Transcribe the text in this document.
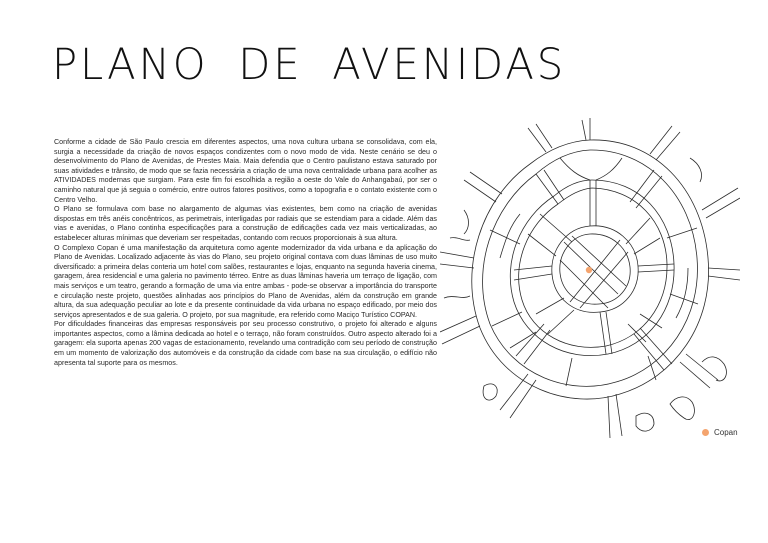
PLANO DE AVENIDAS

Conforme a cidade de São Paulo crescia em diferentes aspectos, uma nova cultura urbana se consolidava, com ela, surgia a necessidade da criação de novos espaços condizentes com o novo modo de vida. Neste cenário se deu o desenvolvimento do Plano de Avenidas, de Prestes Maia. Maia defendia que o Centro paulistano estava saturado por suas atividades e trânsito, de modo que se fazia necessária a criação de uma nova centralidade urbana para acolher as ATIVIDADES modernas que surgiam. Para este fim foi escolhida a região a oeste do Vale do Anhangabaú, por ser o caminho natural que já seguia o comércio, entre outros fatores positivos, como a topografia e o contato existente com o Centro Velho.

O Plano se formulava com base no alargamento de algumas vias existentes, bem como na criação de avenidas dispostas em três anéis concêntricos, as perimetrais, interligadas por radiais que se estendiam para a cidade. Além das vias e avenidas, o Plano continha especificações para a construção de edificações cada vez mais verticalizadas, ao estabelecer alturas mínimas que deveriam ser respeitadas, contando com recuos proporcionais à sua altura.

O Complexo Copan é uma manifestação da arquitetura como agente modernizador da vida urbana e da aplicação do Plano de Avenidas. Localizado adjacente às vias do Plano, seu projeto original contava com duas lâminas de uso muito diversificado: a primeira delas conteria um hotel com salões, restaurantes e lojas, enquanto na segunda haveria cinema, garagem, área residencial e uma galeria no pavimento térreo. Entre as duas lâminas haveria um terraço de ligação, com mais serviços e um teatro, gerando a formação de uma via entre ambas - pode-se observar a importância do transporte e circulação neste projeto, questões alinhadas aos princípios do Plano de Avenidas, além da construção em grande altura, da sua adequação peculiar ao lote e da presente continuidade da vida urbana no espaço edificado, por meio dos serviços apresentados e de sua galeria. O projeto, por sua magnitude, era referido como Maciço Turístico COPAN.

Por dificuldades financeiras das empresas responsáveis por seu processo construtivo, o projeto foi alterado e alguns importantes aspectos, como a lâmina dedicada ao hotel e o terraço, não foram construídos. Outro aspecto alterado foi a garagem: ela suporta apenas 200 vagas de estacionamento, revelando uma contradição com seu período de construção em um momento de valorização dos automóveis e da construção da cidade com base na sua circulação, o edifício não apresenta tal suporte para os mesmos.

Copan
